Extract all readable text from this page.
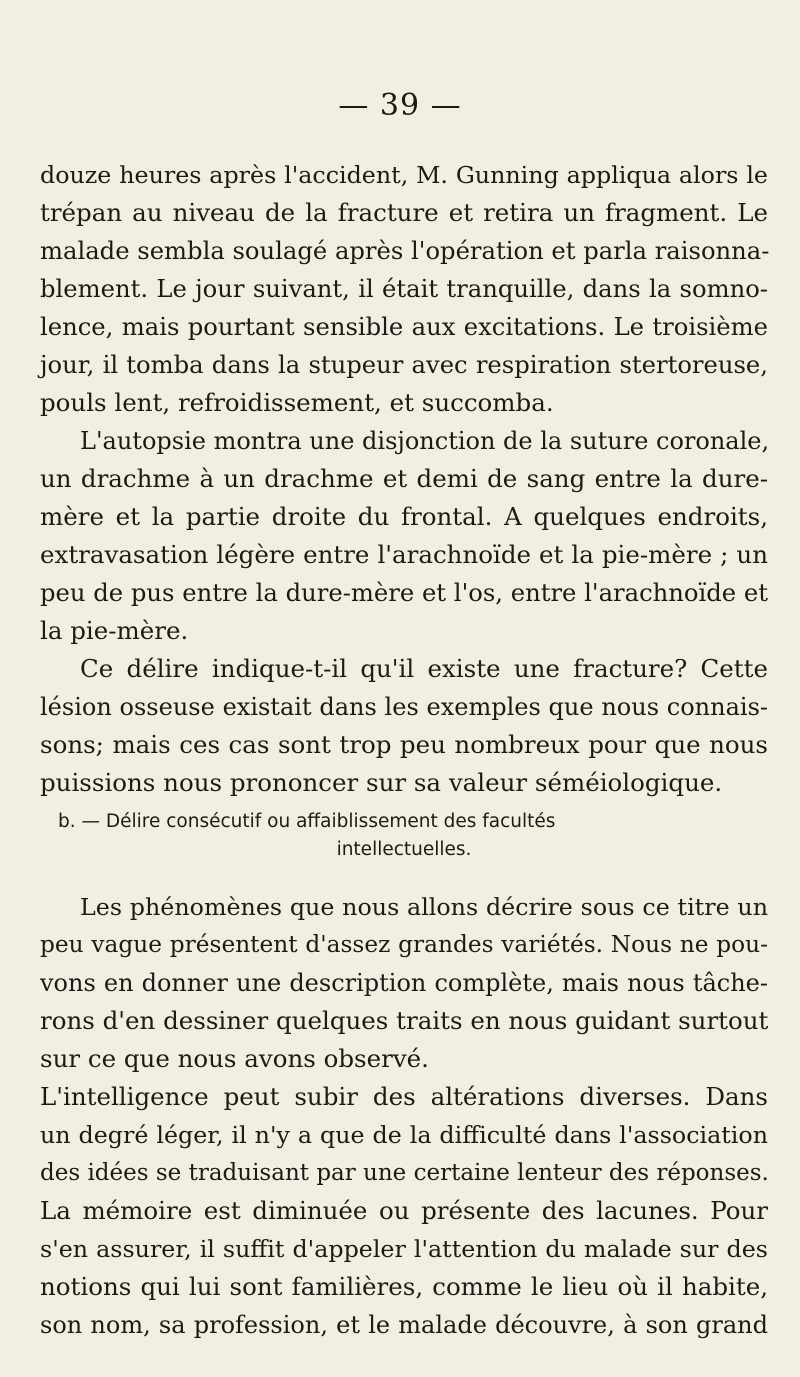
— 39 —
douze heures après l'accident, M. Gunning appliqua alors le
trépan au niveau de la fracture et retira un fragment. Le
malade sembla soulagé après l'opération et parla raisonna-
blement. Le jour suivant, il était tranquille, dans la somno-
lence, mais pourtant sensible aux excitations. Le troisième
jour, il tomba dans la stupeur avec respiration stertoreuse,
pouls lent, refroidissement, et succomba.
L'autopsie montra une disjonction de la suture coronale,
un drachme à un drachme et demi de sang entre la dure-
mère et la partie droite du frontal. A quelques endroits,
extravasation légère entre l'arachnoïde et la pie-mère ; un
peu de pus entre la dure-mère et l'os, entre l'arachnoïde et
la pie-mère.
Ce délire indique-t-il qu'il existe une fracture? Cette
lésion osseuse existait dans les exemples que nous connais-
sons; mais ces cas sont trop peu nombreux pour que nous
puissions nous prononcer sur sa valeur séméiologique.
b. — Délire consécutif ou affaiblissement des facultés
intellectuelles.
Les phénomènes que nous allons décrire sous ce titre un
peu vague présentent d'assez grandes variétés. Nous ne pou-
vons en donner une description complète, mais nous tâche-
rons d'en dessiner quelques traits en nous guidant surtout
sur ce que nous avons observé.
L'intelligence peut subir des altérations diverses. Dans
un degré léger, il n'y a que de la difficulté dans l'association
des idées se traduisant par une certaine lenteur des réponses.
La mémoire est diminuée ou présente des lacunes. Pour
s'en assurer, il suffit d'appeler l'attention du malade sur des
notions qui lui sont familières, comme le lieu où il habite,
son nom, sa profession, et le malade découvre, à son grand
